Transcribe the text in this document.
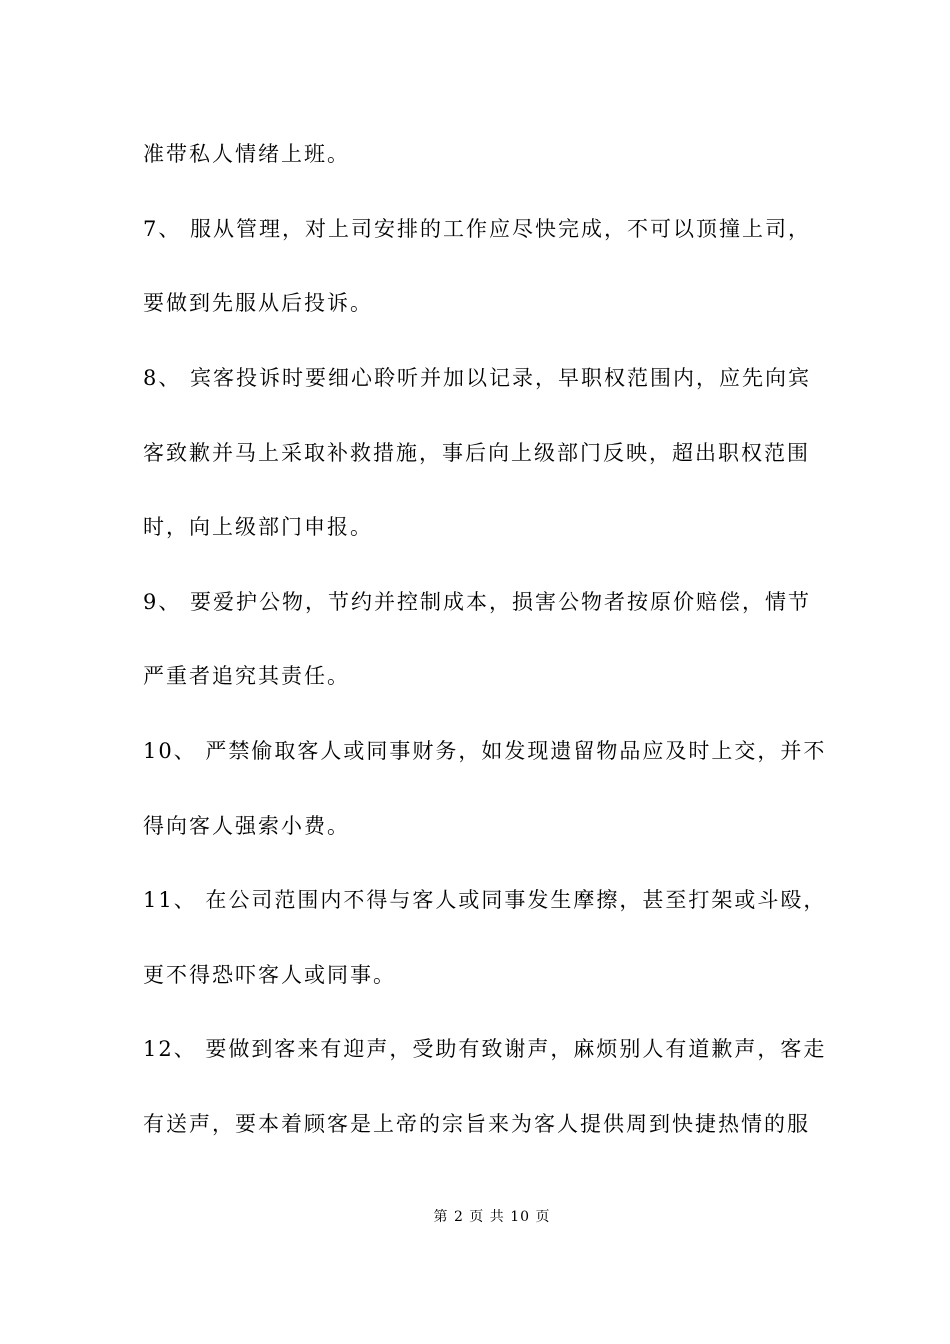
准带私人情绪上班。
7、 服从管理，对上司安排的工作应尽快完成，不可以顶撞上司，
要做到先服从后投诉。
8、 宾客投诉时要细心聆听并加以记录，早职权范围内，应先向宾
客致歉并马上采取补救措施，事后向上级部门反映，超出职权范围
时，向上级部门申报。
9、 要爱护公物，节约并控制成本，损害公物者按原价赔偿，情节
严重者追究其责任。
10、 严禁偷取客人或同事财务，如发现遗留物品应及时上交，并不
得向客人强索小费。
11、 在公司范围内不得与客人或同事发生摩擦，甚至打架或斗殴，
更不得恐吓客人或同事。
12、 要做到客来有迎声，受助有致谢声，麻烦别人有道歉声，客走
有送声，要本着顾客是上帝的宗旨来为客人提供周到快捷热情的服
第 2 页 共 10 页
